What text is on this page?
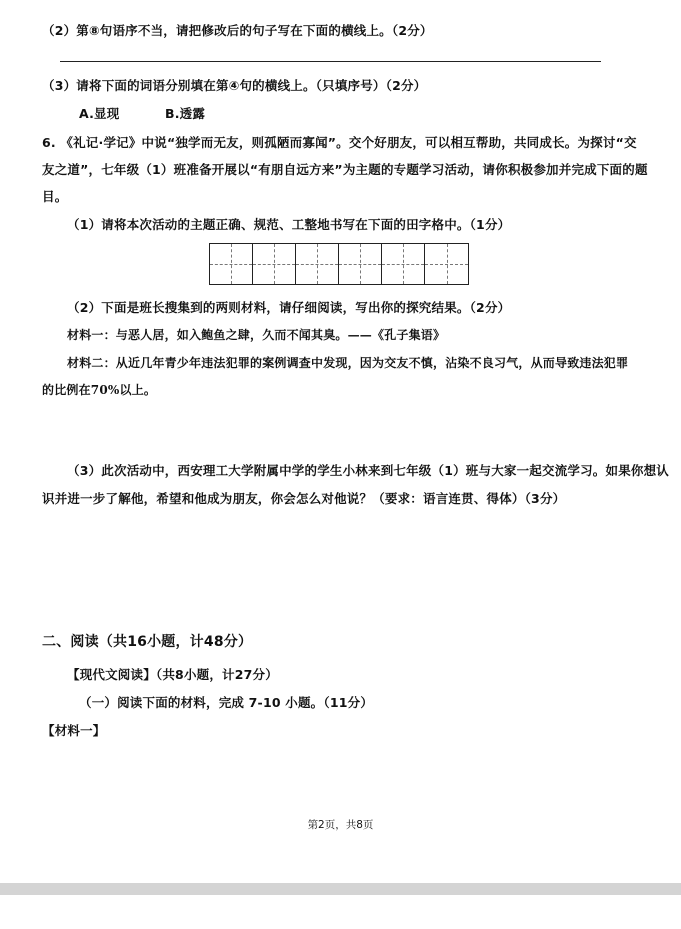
（2）第⑧句语序不当，请把修改后的句子写在下面的横线上。（2分）
（3）请将下面的词语分别填在第④句的横线上。（只填序号）（2分）
A.显现	B.透露
6. 《礼记·学记》中说“独学而无友，则孤陋而寡闻”。交个好朋友，可以相互帮助，共同成长。为探讨“交
友之道”，七年级（1）班准备开展以“有朋自远方来”为主题的专题学习活动，请你积极参加并完成下面的题
目。
（1）请将本次活动的主题正确、规范、工整地书写在下面的田字格中。（1分）
（2）下面是班长搜集到的两则材料，请仔细阅读，写出你的探究结果。（2分）
材料一：与恶人居，如入鲍鱼之肆，久而不闻其臭。——《孔子集语》
材料二：从近几年青少年违法犯罪的案例调查中发现，因为交友不慎，沾染不良习气，从而导致违法犯罪
的比例在70%以上。
（3）此次活动中，西安理工大学附属中学的学生小林来到七年级（1）班与大家一起交流学习。如果你想认
识并进一步了解他，希望和他成为朋友，你会怎么对他说？（要求：语言连贯、得体）（3分）
二、阅读（共16小题，计48分）
【现代文阅读】（共8小题，计27分）
（一）阅读下面的材料，完成 7-10 小题。（11分）
【材料一】
第2页，共8页
